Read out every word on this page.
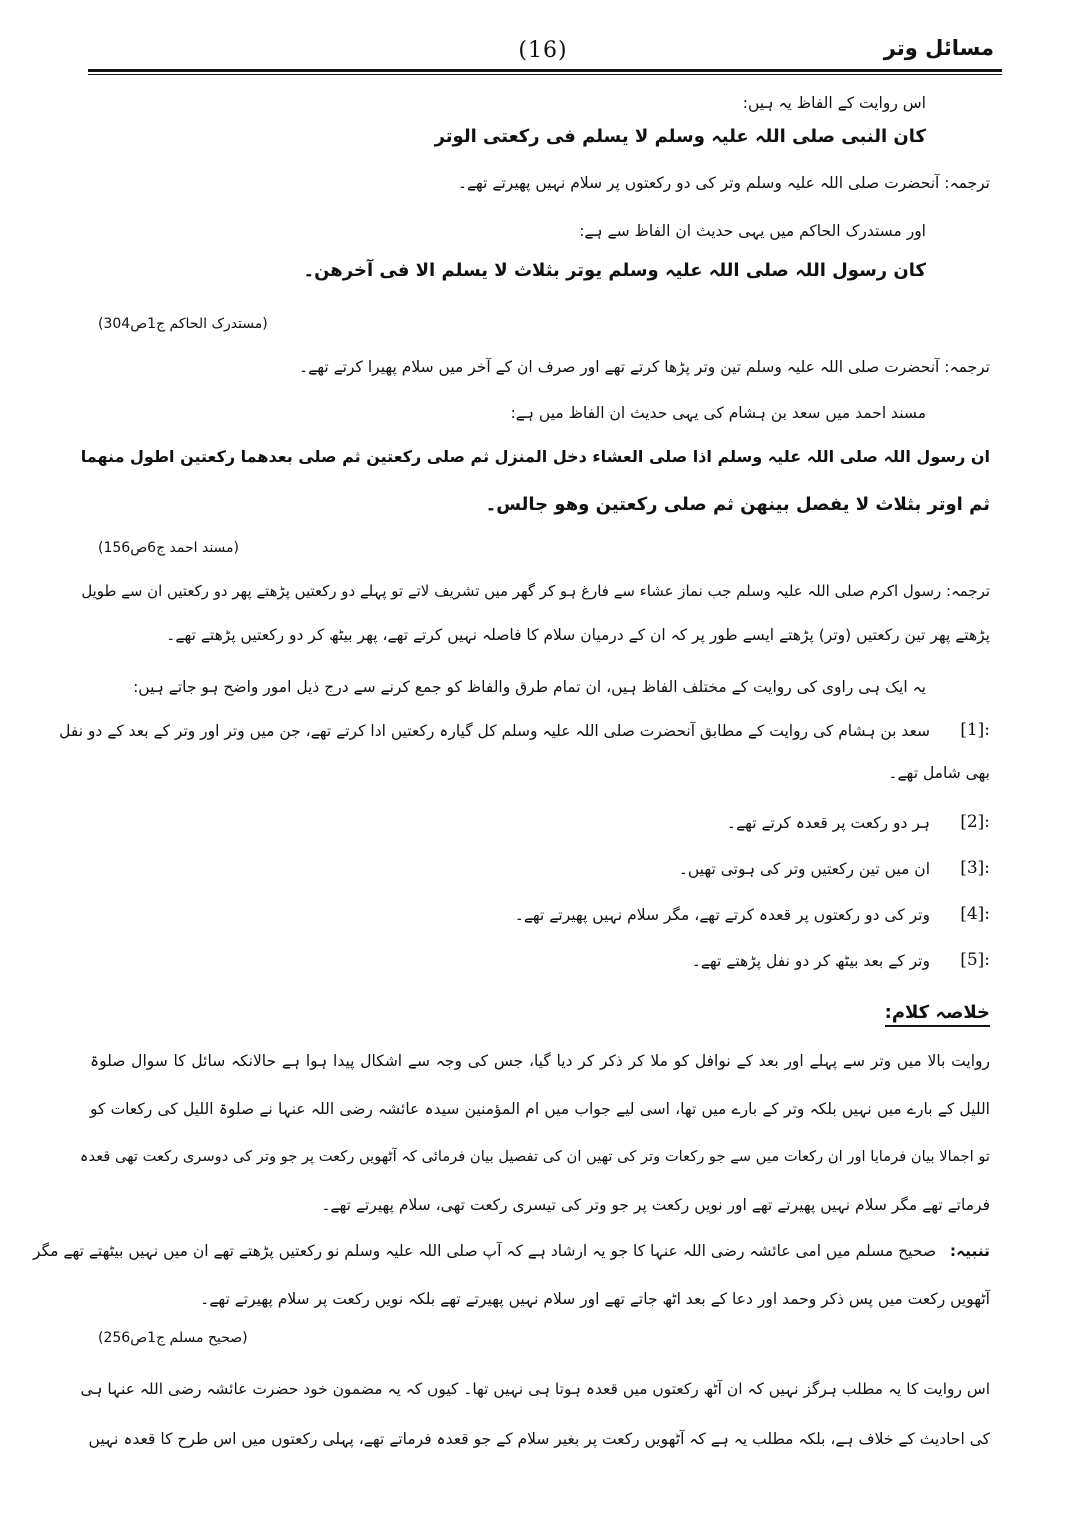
مسائل وتر
(16)
اس روایت کے الفاظ یہ ہیں:
کان النبی صلی اللہ علیہ وسلم لا یسلم فی رکعتی الوتر
ترجمہ: آنحضرت صلی اللہ علیہ وسلم وتر کی دو رکعتوں پر سلام نہیں پھیرتے تھے۔
اور مستدرک الحاکم میں یہی حدیث ان الفاظ سے ہے:
کان رسول اللہ صلی اللہ علیہ وسلم یوتر بثلاث لا یسلم الا فی آخرھن۔
(مستدرک الحاکم ج1ص304)
ترجمہ: آنحضرت صلی اللہ علیہ وسلم تین وتر پڑھا کرتے تھے اور صرف ان کے آخر میں سلام پھیرا کرتے تھے۔
مسند احمد میں سعد بن ہشام کی یہی حدیث ان الفاظ میں ہے:
ان رسول اللہ صلی اللہ علیہ وسلم اذا صلی العشاء دخل المنزل ثم صلی رکعتین ثم صلی بعدھما رکعتین اطول منھما
ثم اوتر بثلاث لا یفصل بینھن ثم صلی رکعتین وھو جالس۔
(مسند احمد ج6ص156)
ترجمہ: رسول اکرم صلی اللہ علیہ وسلم جب نماز عشاء سے فارغ ہو کر گھر میں تشریف لاتے تو پہلے دو رکعتیں پڑھتے پھر دو رکعتیں ان سے طویل
پڑھتے پھر تین رکعتیں (وتر) پڑھتے ایسے طور پر کہ ان کے درمیان سلام کا فاصلہ نہیں کرتے تھے، پھر بیٹھ کر دو رکعتیں پڑھتے تھے۔
یہ ایک ہی راوی کی روایت کے مختلف الفاظ ہیں، ان تمام طرق والفاظ کو جمع کرنے سے درج ذیل امور واضح ہو جاتے ہیں:
[1]:
سعد بن ہشام کی روایت کے مطابق آنحضرت صلی اللہ علیہ وسلم کل گیارہ رکعتیں ادا کرتے تھے، جن میں وتر اور وتر کے بعد کے دو نفل
بھی شامل تھے۔
[2]:
ہر دو رکعت پر قعدہ کرتے تھے۔
[3]:
ان میں تین رکعتیں وتر کی ہوتی تھیں۔
[4]:
وتر کی دو رکعتوں پر قعدہ کرتے تھے، مگر سلام نہیں پھیرتے تھے۔
[5]:
وتر کے بعد بیٹھ کر دو نفل پڑھتے تھے۔
خلاصہ کلام:
روایت بالا میں وتر سے پہلے اور بعد کے نوافل کو ملا کر ذکر کر دیا گیا، جس کی وجہ سے اشکال پیدا ہوا ہے حالانکہ سائل کا سوال صلوۃ
اللیل کے بارے میں نہیں بلکہ وتر کے بارے میں تھا، اسی لیے جواب میں ام المؤمنین سیدہ عائشہ رضی اللہ عنہا نے صلوۃ اللیل کی رکعات کو
تو اجمالا بیان فرمایا اور ان رکعات میں سے جو رکعات وتر کی تھیں ان کی تفصیل بیان فرمائی کہ آٹھویں رکعت پر جو وتر کی دوسری رکعت تھی قعدہ
فرماتے تھے مگر سلام نہیں پھیرتے تھے اور نویں رکعت پر جو وتر کی تیسری رکعت تھی، سلام پھیرتے تھے۔
تنبیہ:
صحیح مسلم میں امی عائشہ رضی اللہ عنہا کا جو یہ ارشاد ہے کہ آپ صلی اللہ علیہ وسلم نو رکعتیں پڑھتے تھے ان میں نہیں بیٹھتے تھے مگر
آٹھویں رکعت میں پس ذکر وحمد اور دعا کے بعد اٹھ جاتے تھے اور سلام نہیں پھیرتے تھے بلکہ نویں رکعت پر سلام پھیرتے تھے۔
(صحیح مسلم ج1ص256)
اس روایت کا یہ مطلب ہرگز نہیں کہ ان آٹھ رکعتوں میں قعدہ ہوتا ہی نہیں تھا۔ کیوں کہ یہ مضمون خود حضرت عائشہ رضی اللہ عنہا ہی
کی احادیث کے خلاف ہے، بلکہ مطلب یہ ہے کہ آٹھویں رکعت پر بغیر سلام کے جو قعدہ فرماتے تھے، پہلی رکعتوں میں اس طرح کا قعدہ نہیں
